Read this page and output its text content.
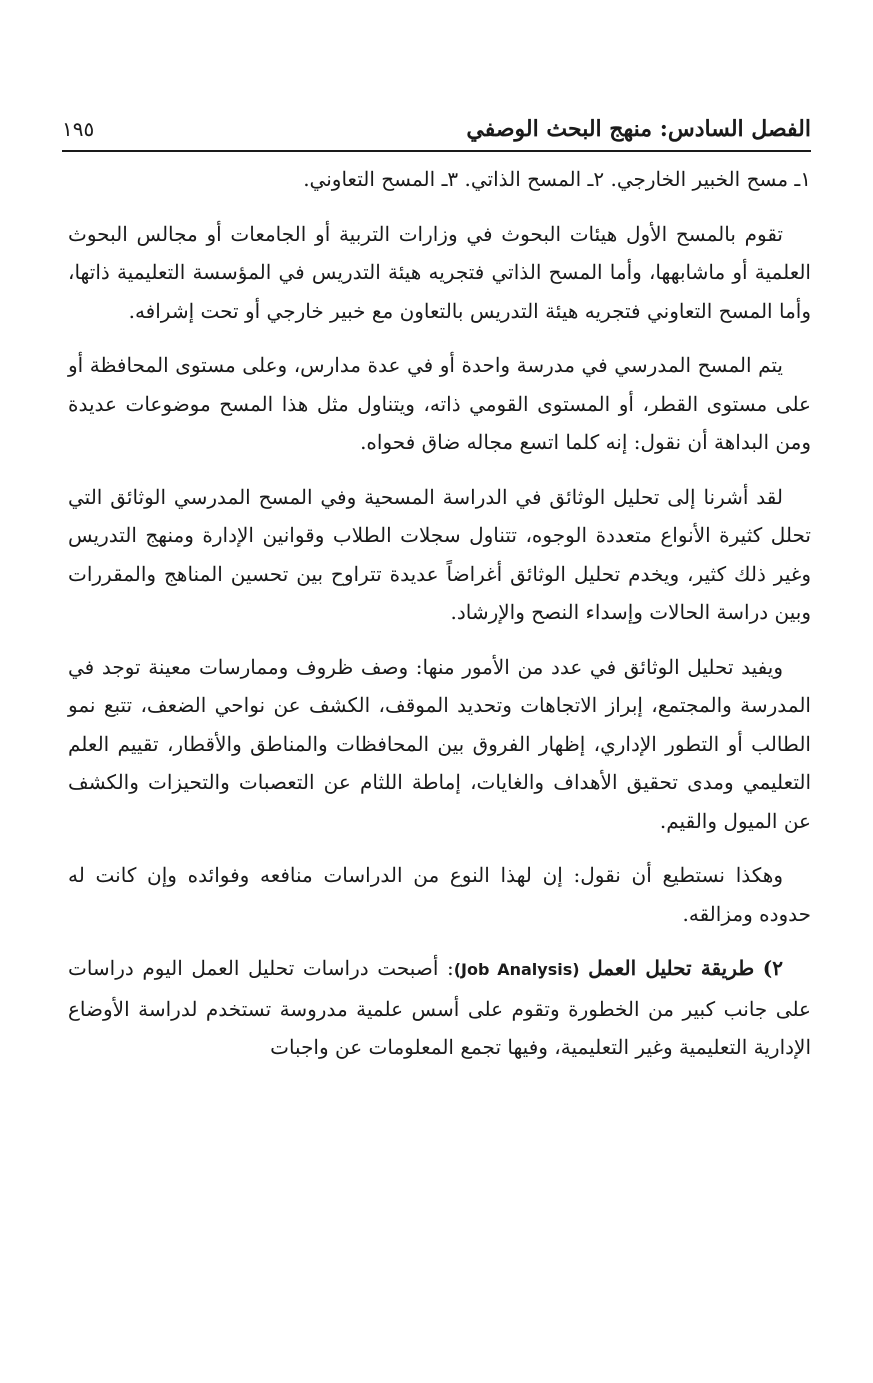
الفصل السادس: منهج البحث الوصفي
١٩٥

١ـ مسح الخبير الخارجي. ٢ـ المسح الذاتي. ٣ـ المسح التعاوني.

تقوم بالمسح الأول هيئات البحوث في وزارات التربية أو الجامعات أو مجالس البحوث العلمية أو ماشابهها، وأما المسح الذاتي فتجريه هيئة التدريس في المؤسسة التعليمية ذاتها، وأما المسح التعاوني فتجريه هيئة التدريس بالتعاون مع خبير خارجي أو تحت إشرافه.

يتم المسح المدرسي في مدرسة واحدة أو في عدة مدارس، وعلى مستوى المحافظة أو على مستوى القطر، أو المستوى القومي ذاته، ويتناول مثل هذا المسح موضوعات عديدة ومن البداهة أن نقول: إنه كلما اتسع مجاله ضاق فحواه.

لقد أشرنا إلى تحليل الوثائق في الدراسة المسحية وفي المسح المدرسي الوثائق التي تحلل كثيرة الأنواع متعددة الوجوه، تتناول سجلات الطلاب وقوانين الإدارة ومنهج التدريس وغير ذلك كثير، ويخدم تحليل الوثائق أغراضاً عديدة تتراوح بين تحسين المناهج والمقررات وبين دراسة الحالات وإسداء النصح والإرشاد.

ويفيد تحليل الوثائق في عدد من الأمور منها: وصف ظروف وممارسات معينة توجد في المدرسة والمجتمع، إبراز الاتجاهات وتحديد الموقف، الكشف عن نواحي الضعف، تتبع نمو الطالب أو التطور الإداري، إظهار الفروق بين المحافظات والمناطق والأقطار، تقييم العلم التعليمي ومدى تحقيق الأهداف والغايات، إماطة اللثام عن التعصبات والتحيزات والكشف عن الميول والقيم.

وهكذا نستطيع أن نقول: إن لهذا النوع من الدراسات منافعه وفوائده وإن كانت له حدوده ومزالقه.

٢) طريقة تحليل العمل (Job Analysis): أصبحت دراسات تحليل العمل اليوم دراسات على جانب كبير من الخطورة وتقوم على أسس علمية مدروسة تستخدم لدراسة الأوضاع الإدارية التعليمية وغير التعليمية، وفيها تجمع المعلومات عن واجبات
